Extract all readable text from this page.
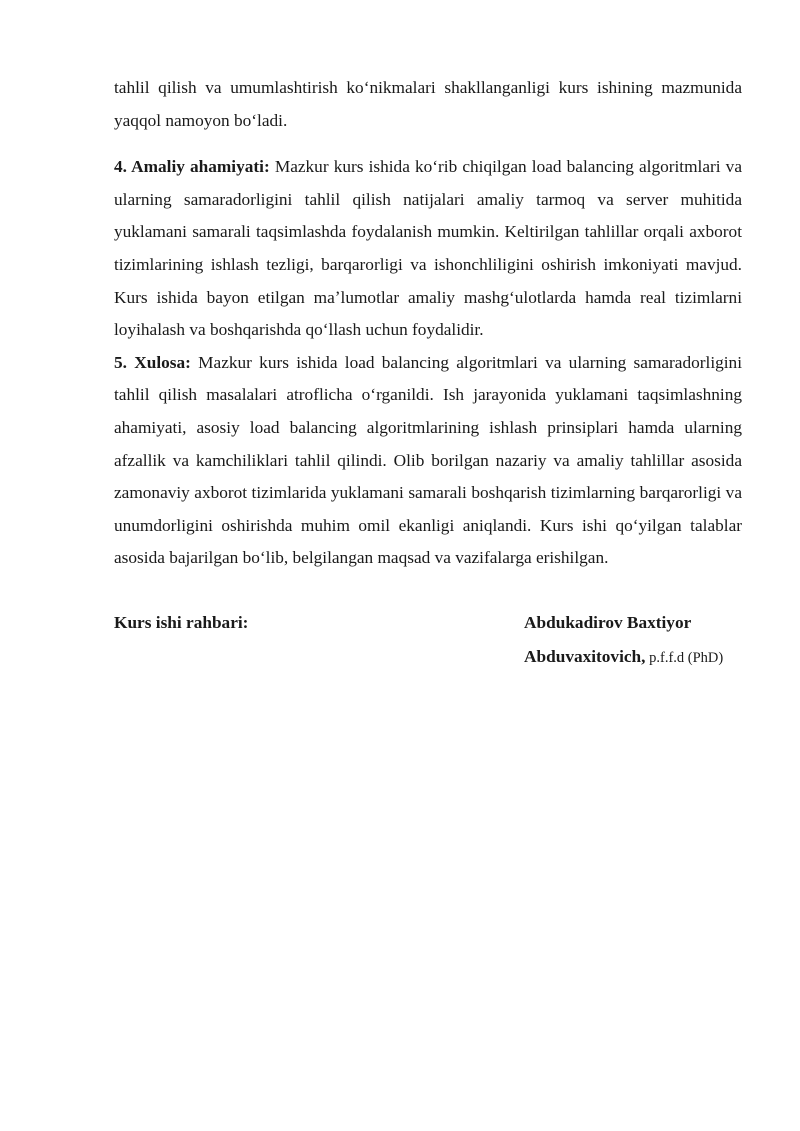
tahlil qilish va umumlashtirish koʻnikmalari shakllanganligi kurs ishining mazmunida yaqqol namoyon boʻladi.

4. Amaliy ahamiyati: Mazkur kurs ishida koʻrib chiqilgan load balancing algoritmlari va ularning samaradorligini tahlil qilish natijalari amaliy tarmoq va server muhitida yuklamani samarali taqsimlashda foydalanish mumkin. Keltirilgan tahlillar orqali axborot tizimlarining ishlash tezligi, barqarorligi va ishonchliligini oshirish imkoniyati mavjud. Kurs ishida bayon etilgan maʼlumotlar amaliy mashgʻulotlarda hamda real tizimlarni loyihalash va boshqarishda qoʻllash uchun foydalidir.

5. Xulosa: Mazkur kurs ishida load balancing algoritmlari va ularning samaradorligini tahlil qilish masalalari atroflicha oʻrganildi. Ish jarayonida yuklamani taqsimlashning ahamiyati, asosiy load balancing algoritmlarining ishlash prinsiplari hamda ularning afzallik va kamchiliklari tahlil qilindi. Olib borilgan nazariy va amaliy tahlillar asosida zamonaviy axborot tizimlarida yuklamani samarali boshqarish tizimlarning barqarorligi va unumdorligini oshirishda muhim omil ekanligi aniqlandi. Kurs ishi qoʻyilgan talablar asosida bajarilgan boʻlib, belgilangan maqsad va vazifalarga erishilgan.

Kurs ishi rahbari:	Abdukadirov Baxtiyor
Abduvaxitovich, p.f.f.d (PhD)
